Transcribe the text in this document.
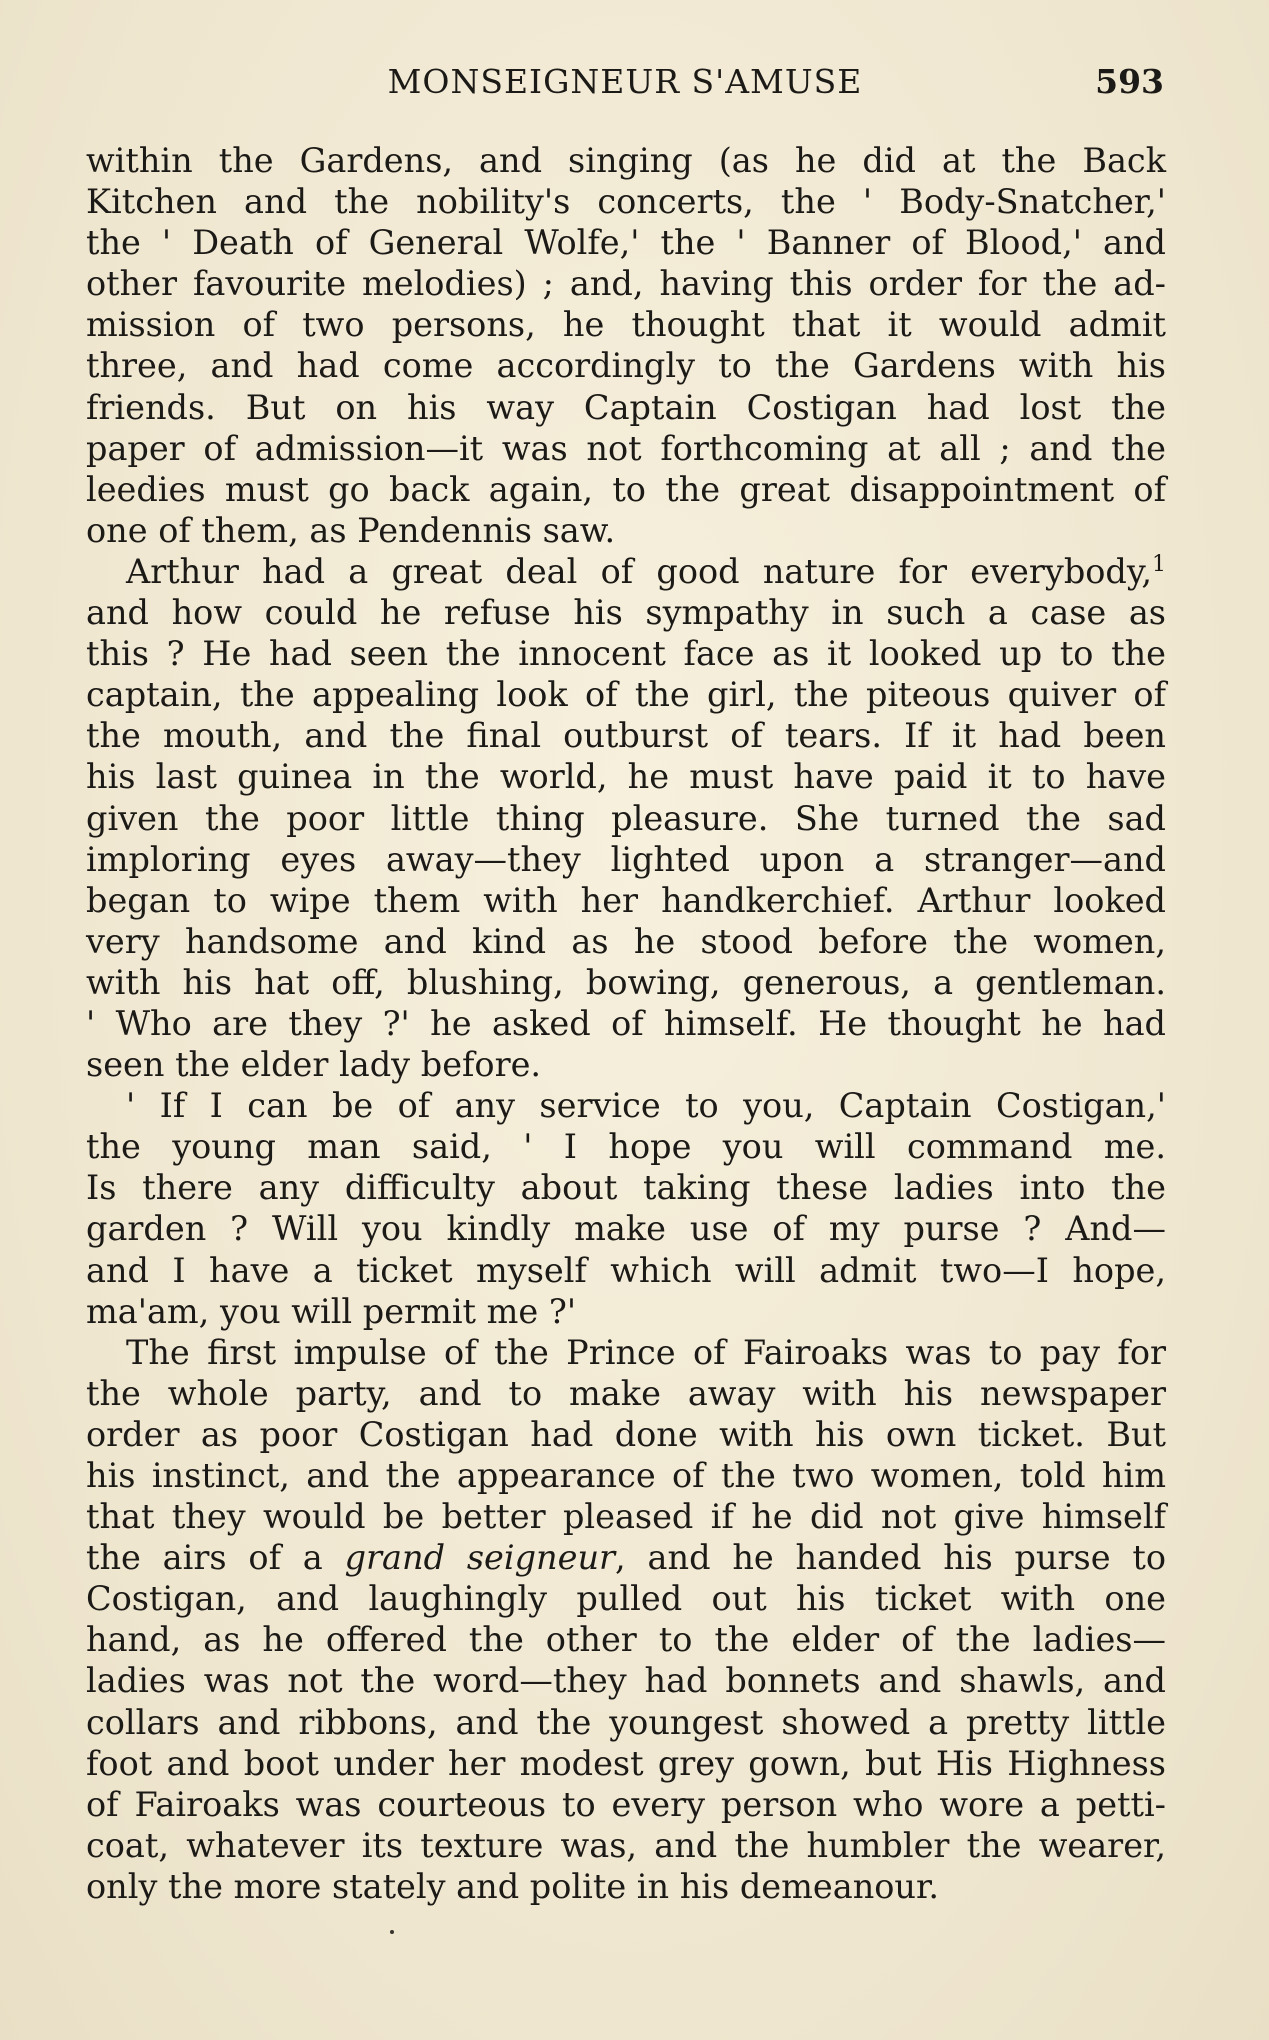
MONSEIGNEUR S'AMUSE	593
within the Gardens, and singing (as he did at the Back
Kitchen and the nobility's concerts, the ' Body-Snatcher,'
the ' Death of General Wolfe,' the ' Banner of Blood,' and
other favourite melodies) ; and, having this order for the ad-
mission of two persons, he thought that it would admit
three, and had come accordingly to the Gardens with his
friends. But on his way Captain Costigan had lost the
paper of admission—it was not forthcoming at all ; and the
leedies must go back again, to the great disappointment of
one of them, as Pendennis saw.
Arthur had a great deal of good nature for everybody,$^1$
and how could he refuse his sympathy in such a case as
this ? He had seen the innocent face as it looked up to the
captain, the appealing look of the girl, the piteous quiver of
the mouth, and the final outburst of tears. If it had been
his last guinea in the world, he must have paid it to have
given the poor little thing pleasure. She turned the sad
imploring eyes away—they lighted upon a stranger—and
began to wipe them with her handkerchief. Arthur looked
very handsome and kind as he stood before the women,
with his hat off, blushing, bowing, generous, a gentleman.
' Who are they ?' he asked of himself. He thought he had
seen the elder lady before.
' If I can be of any service to you, Captain Costigan,'
the young man said, ' I hope you will command me.
Is there any difficulty about taking these ladies into the
garden ? Will you kindly make use of my purse ? And—
and I have a ticket myself which will admit two—I hope,
ma'am, you will permit me ?'
The first impulse of the Prince of Fairoaks was to pay for
the whole party, and to make away with his newspaper
order as poor Costigan had done with his own ticket. But
his instinct, and the appearance of the two women, told him
that they would be better pleased if he did not give himself
the airs of a grand seigneur, and he handed his purse to
Costigan, and laughingly pulled out his ticket with one
hand, as he offered the other to the elder of the ladies—
ladies was not the word—they had bonnets and shawls, and
collars and ribbons, and the youngest showed a pretty little
foot and boot under her modest grey gown, but His Highness
of Fairoaks was courteous to every person who wore a petti-
coat, whatever its texture was, and the humbler the wearer,
only the more stately and polite in his demeanour.
